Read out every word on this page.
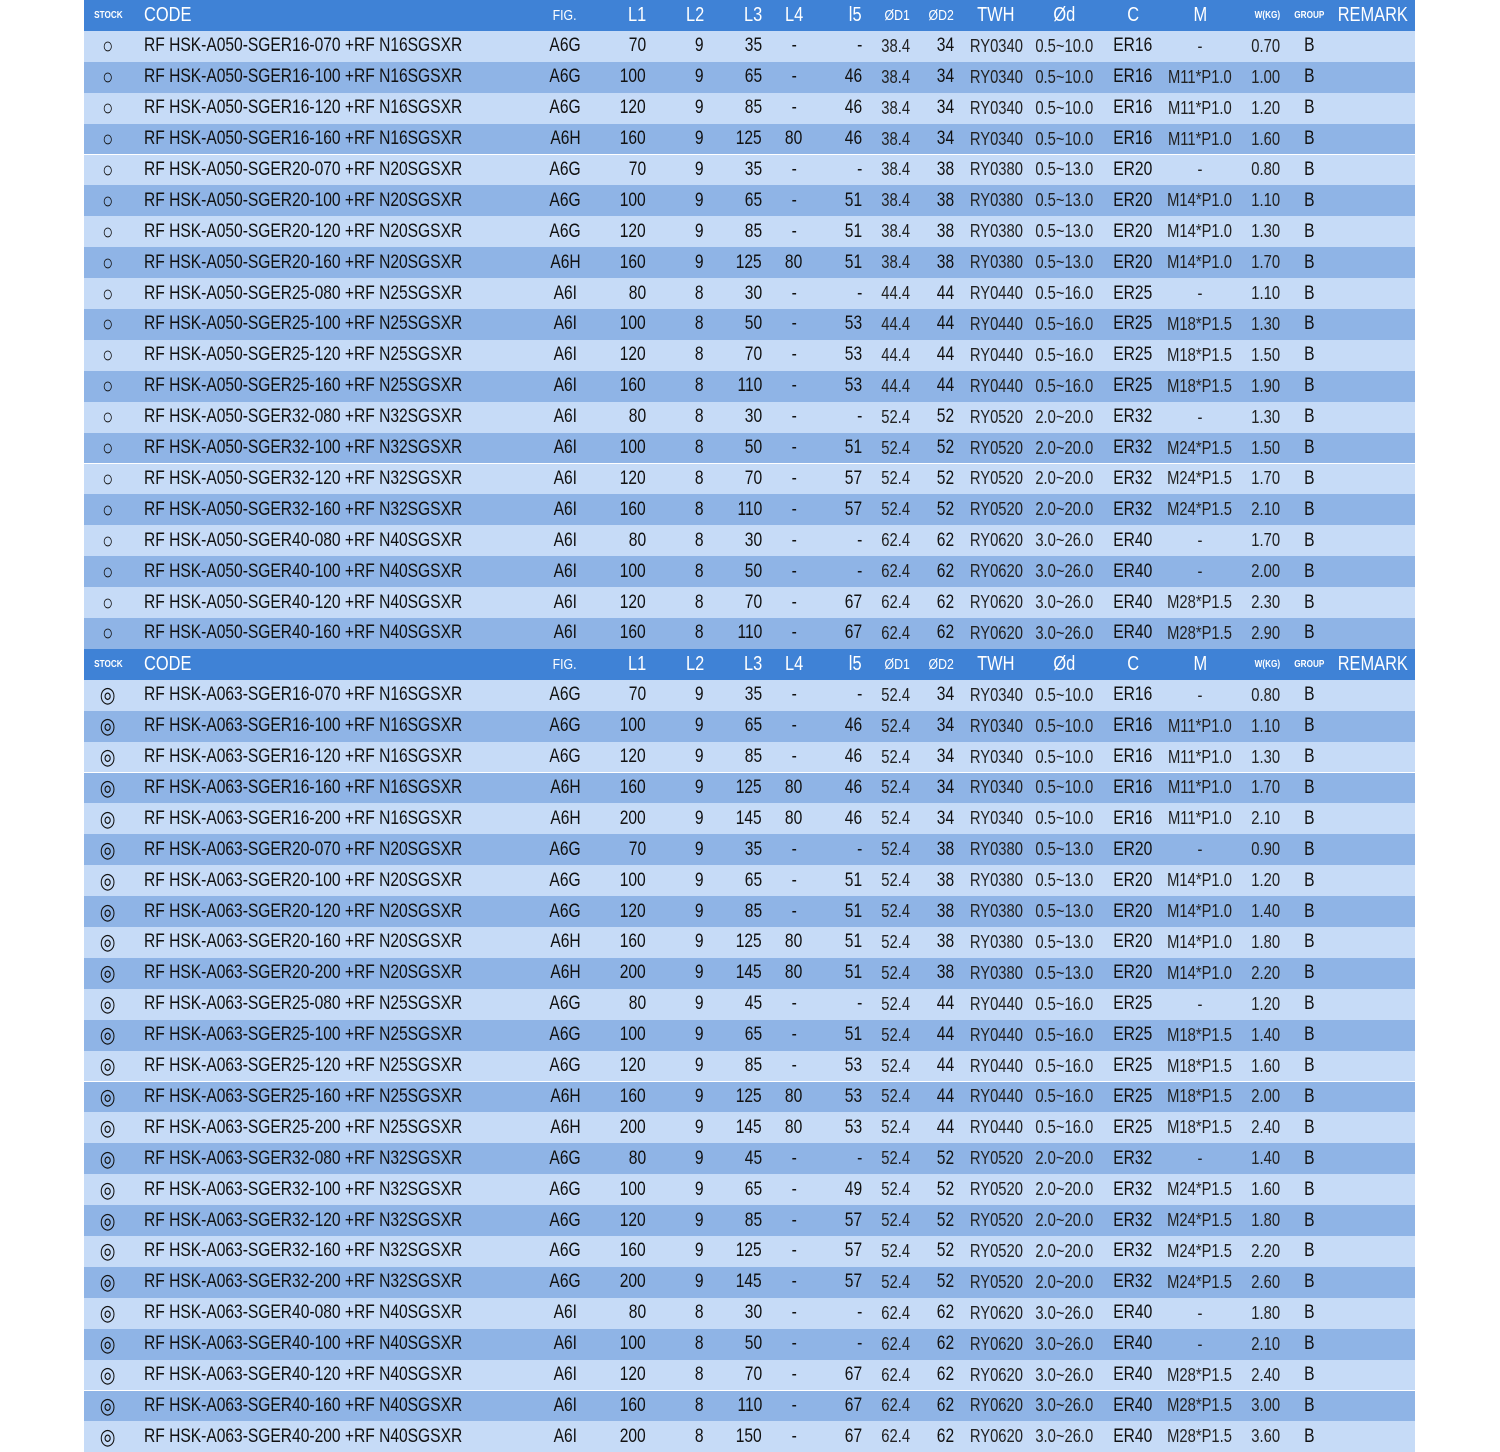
STOCK CODE	FIG.	L1 L2 L3 L4 l5 ØD1 ØD2 TWH Ød	C	M	W(KG) GROUP REMARK
○ RF HSK-A050-SGER16-070 +RF N16SGSXR	A6G	70	9 35 -	- 38.4 34 RY0340 0.5~10.0 ER16	-	0.70 B
○ RF HSK-A050-SGER16-100 +RF N16SGSXR	A6G 100	9 65 -	46 38.4 34 RY0340 0.5~10.0 ER16 M11*P1.0 1.00 B
○ RF HSK-A050-SGER16-120 +RF N16SGSXR	A6G 120	9 85 -	46 38.4 34 RY0340 0.5~10.0 ER16 M11*P1.0 1.20 B
○ RF HSK-A050-SGER16-160 +RF N16SGSXR	A6H 160	9 125 80 46 38.4 34 RY0340 0.5~10.0 ER16 M11*P1.0 1.60 B
○ RF HSK-A050-SGER20-070 +RF N20SGSXR	A6G	70	9 35 -	- 38.4 38 RY0380 0.5~13.0 ER20	-	0.80 B
○ RF HSK-A050-SGER20-100 +RF N20SGSXR	A6G 100	9 65 -	51 38.4 38 RY0380 0.5~13.0 ER20 M14*P1.0 1.10 B
○ RF HSK-A050-SGER20-120 +RF N20SGSXR	A6G 120	9 85 -	51 38.4 38 RY0380 0.5~13.0 ER20 M14*P1.0 1.30 B
○ RF HSK-A050-SGER20-160 +RF N20SGSXR	A6H 160	9 125 80 51 38.4 38 RY0380 0.5~13.0 ER20 M14*P1.0 1.70 B
○ RF HSK-A050-SGER25-080 +RF N25SGSXR	A6I	80	8 30 -	- 44.4 44 RY0440 0.5~16.0 ER25	-	1.10 B
○ RF HSK-A050-SGER25-100 +RF N25SGSXR	A6I 100	8 50 -	53 44.4 44 RY0440 0.5~16.0 ER25 M18*P1.5 1.30 B
○ RF HSK-A050-SGER25-120 +RF N25SGSXR	A6I 120	8 70 -	53 44.4 44 RY0440 0.5~16.0 ER25 M18*P1.5 1.50 B
○ RF HSK-A050-SGER25-160 +RF N25SGSXR	A6I 160	8 110 -	53 44.4 44 RY0440 0.5~16.0 ER25 M18*P1.5 1.90 B
○ RF HSK-A050-SGER32-080 +RF N32SGSXR	A6I	80	8 30 -	- 52.4 52 RY0520 2.0~20.0 ER32	-	1.30 B
○ RF HSK-A050-SGER32-100 +RF N32SGSXR	A6I 100	8 50 -	51 52.4 52 RY0520 2.0~20.0 ER32 M24*P1.5 1.50 B
○ RF HSK-A050-SGER32-120 +RF N32SGSXR	A6I 120	8 70 -	57 52.4 52 RY0520 2.0~20.0 ER32 M24*P1.5 1.70 B
○ RF HSK-A050-SGER32-160 +RF N32SGSXR	A6I 160	8 110 -	57 52.4 52 RY0520 2.0~20.0 ER32 M24*P1.5 2.10 B
○ RF HSK-A050-SGER40-080 +RF N40SGSXR	A6I	80	8 30 -	- 62.4 62 RY0620 3.0~26.0 ER40	-	1.70 B
○ RF HSK-A050-SGER40-100 +RF N40SGSXR	A6I 100	8 50 -	- 62.4 62 RY0620 3.0~26.0 ER40	-	2.00 B
○ RF HSK-A050-SGER40-120 +RF N40SGSXR	A6I 120	8 70 -	67 62.4 62 RY0620 3.0~26.0 ER40 M28*P1.5 2.30 B
○ RF HSK-A050-SGER40-160 +RF N40SGSXR	A6I 160	8 110 -	67 62.4 62 RY0620 3.0~26.0 ER40 M28*P1.5 2.90 B
STOCK CODE	FIG.	L1 L2 L3 L4 l5 ØD1 ØD2 TWH Ød	C	M	W(KG) GROUP REMARK
◎ RF HSK-A063-SGER16-070 +RF N16SGSXR	A6G	70	9 35 -	- 52.4 34 RY0340 0.5~10.0 ER16	-	0.80 B
◎ RF HSK-A063-SGER16-100 +RF N16SGSXR	A6G 100	9 65 -	46 52.4 34 RY0340 0.5~10.0 ER16 M11*P1.0 1.10 B
◎ RF HSK-A063-SGER16-120 +RF N16SGSXR	A6G 120	9 85 -	46 52.4 34 RY0340 0.5~10.0 ER16 M11*P1.0 1.30 B
◎ RF HSK-A063-SGER16-160 +RF N16SGSXR	A6H 160	9 125 80 46 52.4 34 RY0340 0.5~10.0 ER16 M11*P1.0 1.70 B
◎ RF HSK-A063-SGER16-200 +RF N16SGSXR	A6H 200	9 145 80 46 52.4 34 RY0340 0.5~10.0 ER16 M11*P1.0 2.10 B
◎ RF HSK-A063-SGER20-070 +RF N20SGSXR	A6G	70	9 35 -	- 52.4 38 RY0380 0.5~13.0 ER20	-	0.90 B
◎ RF HSK-A063-SGER20-100 +RF N20SGSXR	A6G 100	9 65 -	51 52.4 38 RY0380 0.5~13.0 ER20 M14*P1.0 1.20 B
◎ RF HSK-A063-SGER20-120 +RF N20SGSXR	A6G 120	9 85 -	51 52.4 38 RY0380 0.5~13.0 ER20 M14*P1.0 1.40 B
◎ RF HSK-A063-SGER20-160 +RF N20SGSXR	A6H 160	9 125 80 51 52.4 38 RY0380 0.5~13.0 ER20 M14*P1.0 1.80 B
◎ RF HSK-A063-SGER20-200 +RF N20SGSXR	A6H 200	9 145 80 51 52.4 38 RY0380 0.5~13.0 ER20 M14*P1.0 2.20 B
◎ RF HSK-A063-SGER25-080 +RF N25SGSXR	A6G	80	9 45 -	- 52.4 44 RY0440 0.5~16.0 ER25	-	1.20 B
◎ RF HSK-A063-SGER25-100 +RF N25SGSXR	A6G 100	9 65 -	51 52.4 44 RY0440 0.5~16.0 ER25 M18*P1.5 1.40 B
◎ RF HSK-A063-SGER25-120 +RF N25SGSXR	A6G 120	9 85 -	53 52.4 44 RY0440 0.5~16.0 ER25 M18*P1.5 1.60 B
◎ RF HSK-A063-SGER25-160 +RF N25SGSXR	A6H 160	9 125 80 53 52.4 44 RY0440 0.5~16.0 ER25 M18*P1.5 2.00 B
◎ RF HSK-A063-SGER25-200 +RF N25SGSXR	A6H 200	9 145 80 53 52.4 44 RY0440 0.5~16.0 ER25 M18*P1.5 2.40 B
◎ RF HSK-A063-SGER32-080 +RF N32SGSXR	A6G	80	9 45 -	- 52.4 52 RY0520 2.0~20.0 ER32	-	1.40 B
◎ RF HSK-A063-SGER32-100 +RF N32SGSXR	A6G 100	9 65 -	49 52.4 52 RY0520 2.0~20.0 ER32 M24*P1.5 1.60 B
◎ RF HSK-A063-SGER32-120 +RF N32SGSXR	A6G 120	9 85 -	57 52.4 52 RY0520 2.0~20.0 ER32 M24*P1.5 1.80 B
◎ RF HSK-A063-SGER32-160 +RF N32SGSXR	A6G 160	9 125 -	57 52.4 52 RY0520 2.0~20.0 ER32 M24*P1.5 2.20 B
◎ RF HSK-A063-SGER32-200 +RF N32SGSXR	A6G 200	9 145 -	57 52.4 52 RY0520 2.0~20.0 ER32 M24*P1.5 2.60 B
◎ RF HSK-A063-SGER40-080 +RF N40SGSXR	A6I	80	8 30 -	- 62.4 62 RY0620 3.0~26.0 ER40	-	1.80 B
◎ RF HSK-A063-SGER40-100 +RF N40SGSXR	A6I 100	8 50 -	- 62.4 62 RY0620 3.0~26.0 ER40	-	2.10 B
◎ RF HSK-A063-SGER40-120 +RF N40SGSXR	A6I 120	8 70 -	67 62.4 62 RY0620 3.0~26.0 ER40 M28*P1.5 2.40 B
◎ RF HSK-A063-SGER40-160 +RF N40SGSXR	A6I 160	8 110 -	67 62.4 62 RY0620 3.0~26.0 ER40 M28*P1.5 3.00 B
◎ RF HSK-A063-SGER40-200 +RF N40SGSXR	A6I 200	8 150 -	67 62.4 62 RY0620 3.0~26.0 ER40 M28*P1.5 3.60 B
